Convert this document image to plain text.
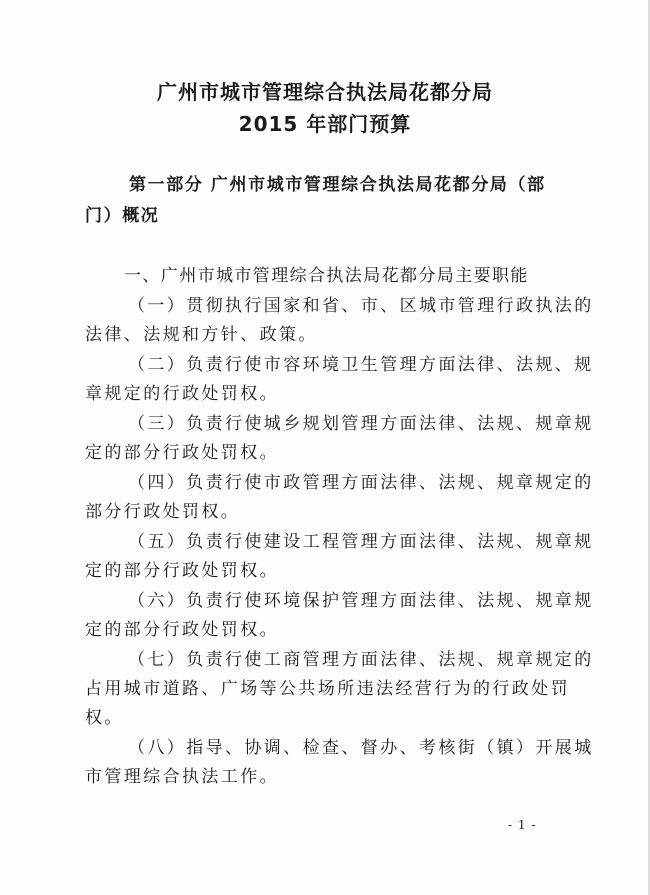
广州市城市管理综合执法局花都分局
2015 年部门预算
第一部分 广州市城市管理综合执法局花都分局（部
门）概况
一、广州市城市管理综合执法局花都分局主要职能
（一）贯彻执行国家和省、市、区城市管理行政执法的
法律、法规和方针、政策。
（二）负责行使市容环境卫生管理方面法律、法规、规
章规定的行政处罚权。
（三）负责行使城乡规划管理方面法律、法规、规章规
定的部分行政处罚权。
（四）负责行使市政管理方面法律、法规、规章规定的
部分行政处罚权。
（五）负责行使建设工程管理方面法律、法规、规章规
定的部分行政处罚权。
（六）负责行使环境保护管理方面法律、法规、规章规
定的部分行政处罚权。
（七）负责行使工商管理方面法律、法规、规章规定的
占用城市道路、广场等公共场所违法经营行为的行政处罚
权。
（八）指导、协调、检查、督办、考核街（镇）开展城
市管理综合执法工作。
- 1 -
